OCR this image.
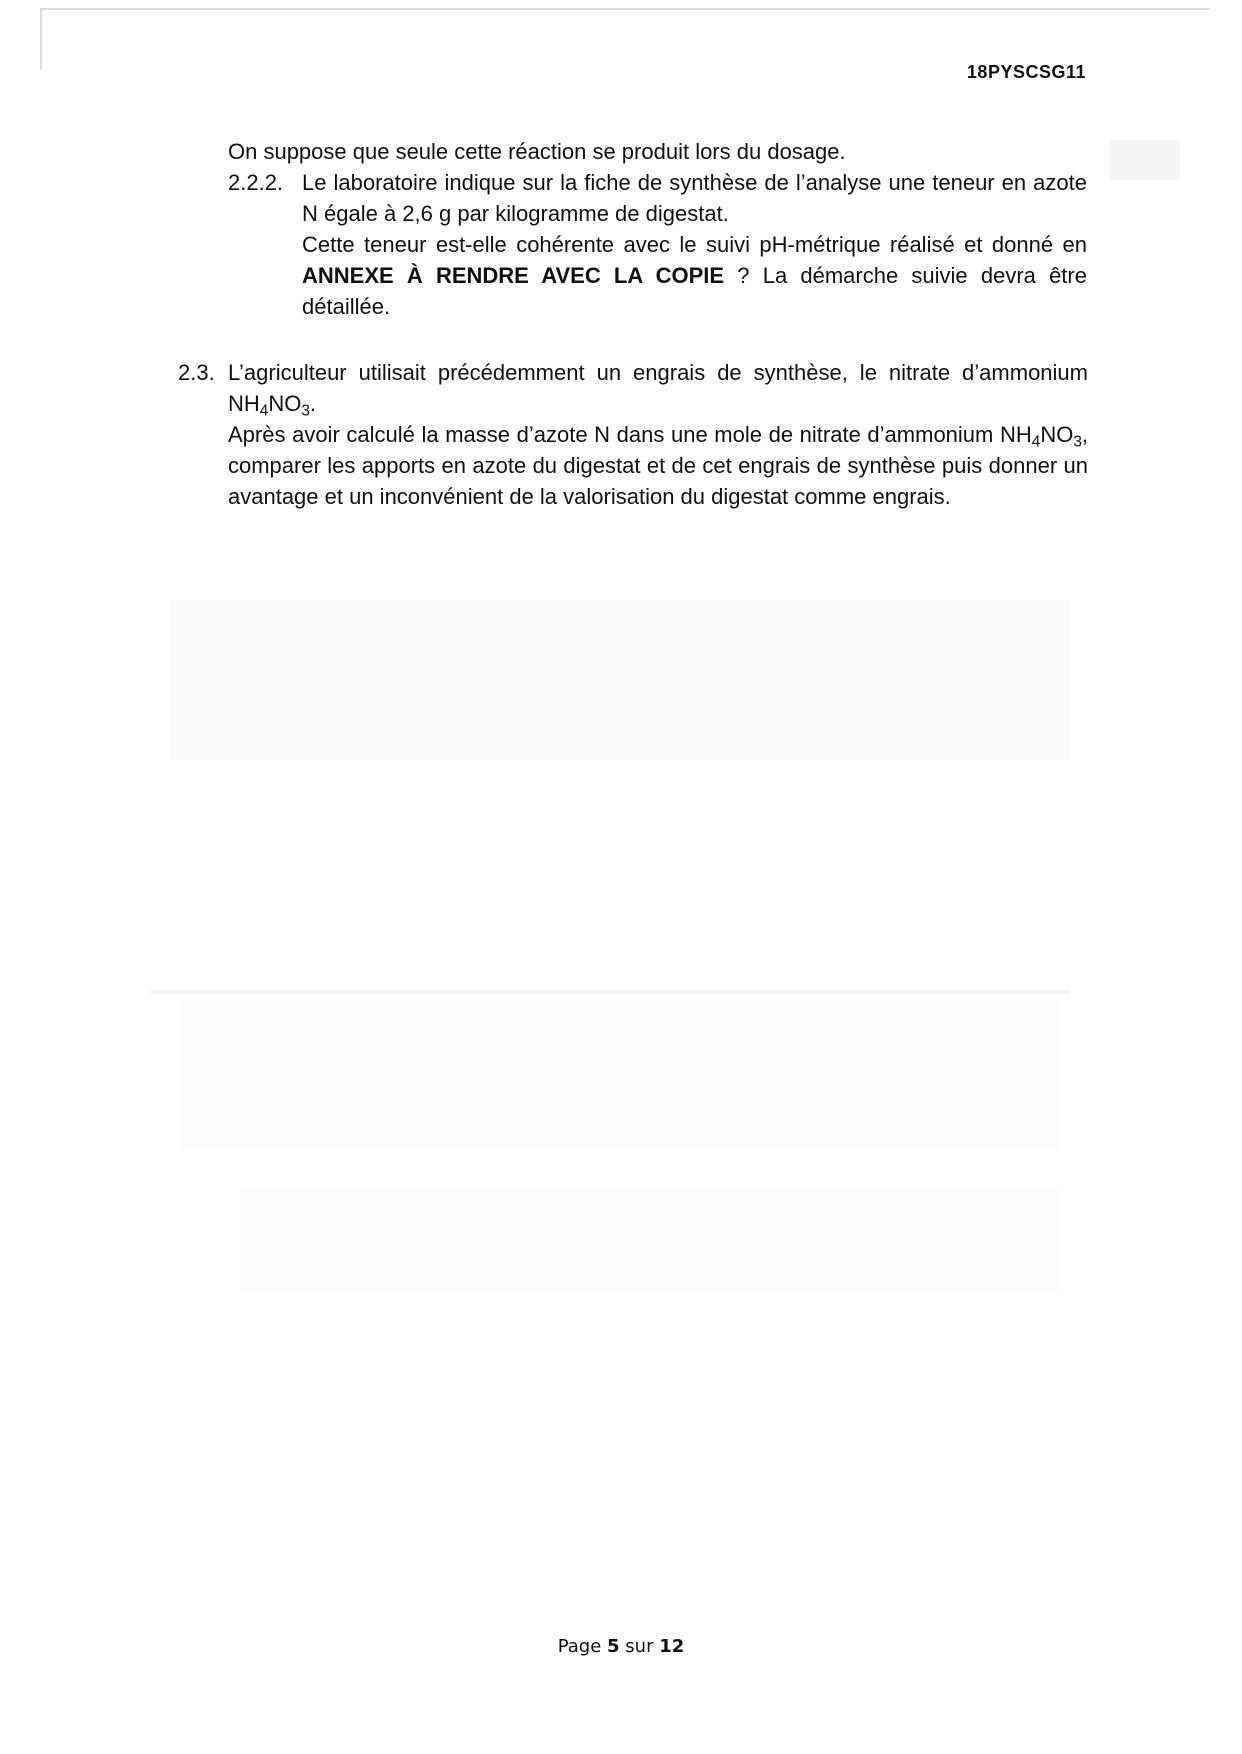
18PYSCSG11

On suppose que seule cette réaction se produit lors du dosage.

2.2.2. Le laboratoire indique sur la fiche de synthèse de l’analyse une teneur en azote N égale à 2,6 g par kilogramme de digestat.

Cette teneur est-elle cohérente avec le suivi pH-métrique réalisé et donné en ANNEXE À RENDRE AVEC LA COPIE ? La démarche suivie devra être détaillée.

2.3. L’agriculteur utilisait précédemment un engrais de synthèse, le nitrate d’ammonium $NH_4NO_3$.

Après avoir calculé la masse d’azote N dans une mole de nitrate d’ammonium $NH_4NO_3$, comparer les apports en azote du digestat et de cet engrais de synthèse puis donner un avantage et un inconvénient de la valorisation du digestat comme engrais.

Page 5 sur 12
